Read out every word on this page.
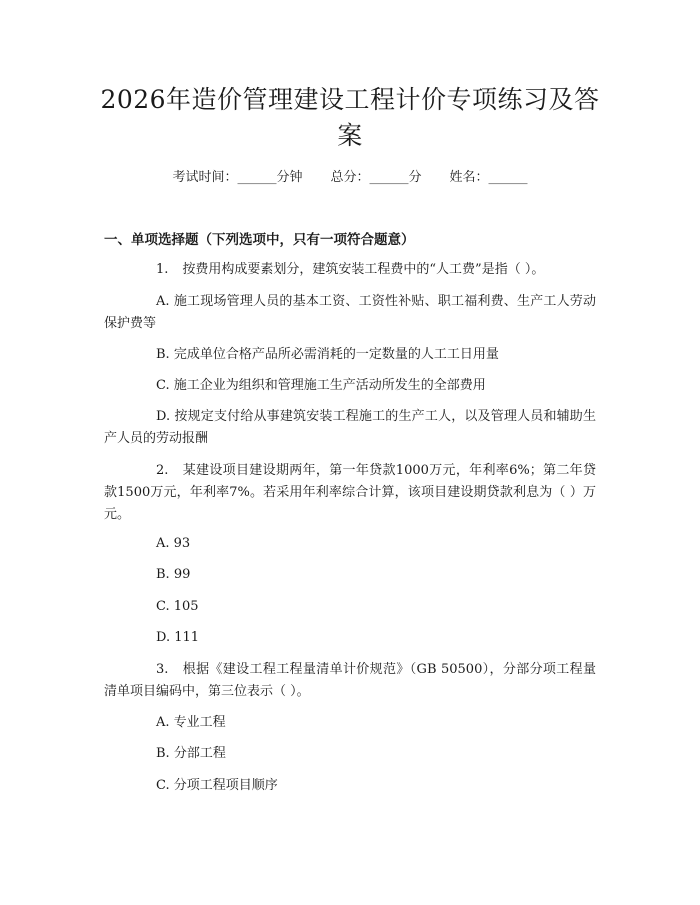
2026年造价管理建设工程计价专项练习及答案
考试时间：______分钟 总分：______分 姓名：______
一、单项选择题（下列选项中，只有一项符合题意）
1. 按费用构成要素划分，建筑安装工程费中的“人工费”是指（ ）。
A. 施工现场管理人员的基本工资、工资性补贴、职工福利费、生产工人劳动保护费等
B. 完成单位合格产品所必需消耗的一定数量的人工工日用量
C. 施工企业为组织和管理施工生产活动所发生的全部费用
D. 按规定支付给从事建筑安装工程施工的生产工人，以及管理人员和辅助生产人员的劳动报酬
2. 某建设项目建设期两年，第一年贷款1000万元，年利率6%；第二年贷款1500万元，年利率7%。若采用年利率综合计算，该项目建设期贷款利息为（ ）万元。
A. 93
B. 99
C. 105
D. 111
3. 根据《建设工程工程量清单计价规范》（GB 50500），分部分项工程量清单项目编码中，第三位表示（ ）。
A. 专业工程
B. 分部工程
C. 分项工程项目顺序
